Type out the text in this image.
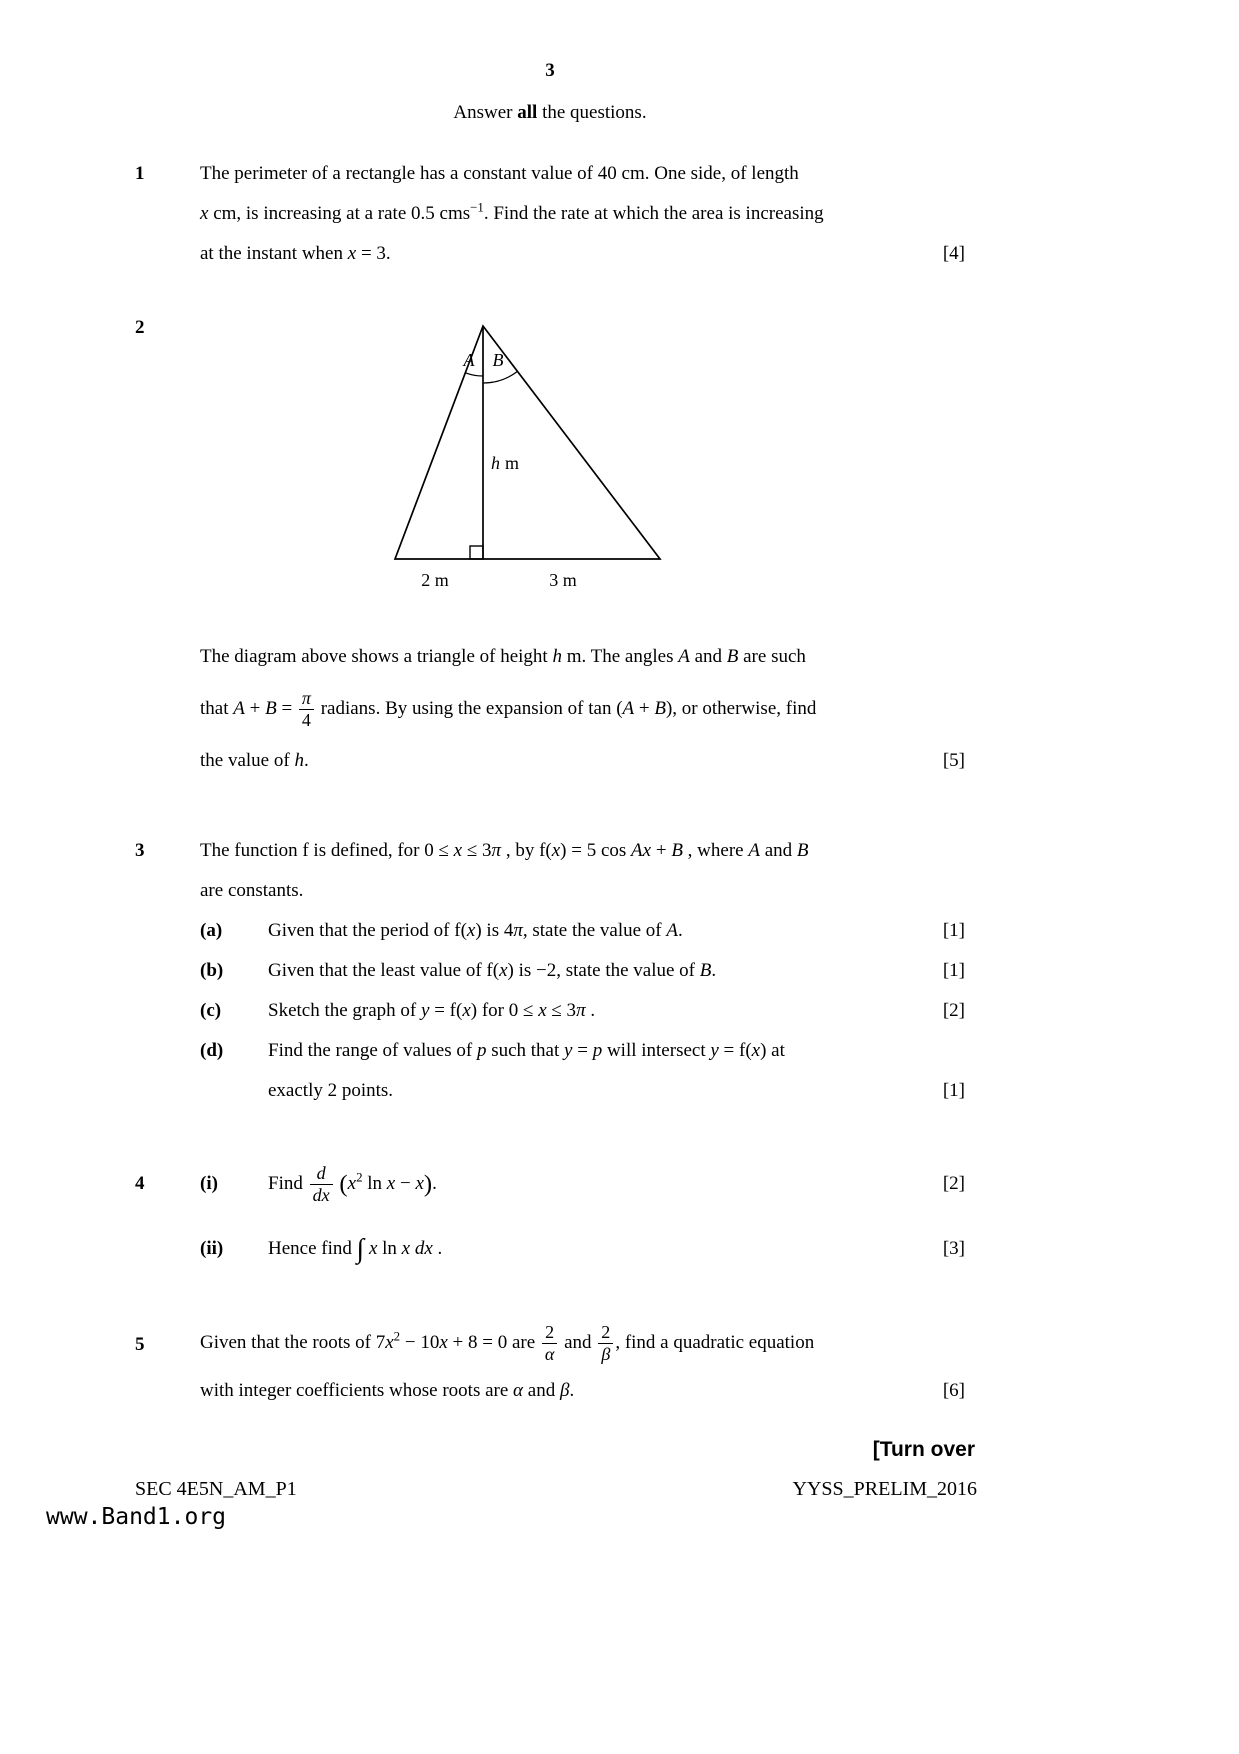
3
Answer all the questions.
1	The perimeter of a rectangle has a constant value of 40 cm. One side, of length
x cm, is increasing at a rate 0.5 cms$^{-1}$. Find the rate at which the area is increasing
at the instant when x = 3.	[4]
2
A B
h m
2 m	3 m
The diagram above shows a triangle of height h m. The angles A and B are such
that $A + B = \frac{\pi}{4}$ radians. By using the expansion of tan (A + B), or otherwise, find
the value of h.	[5]
3	The function f is defined, for 0 ≤ x ≤ 3π , by f(x) = 5 cos Ax + B , where A and B
are constants.
(a)	Given that the period of f(x) is 4π, state the value of A.	[1]
(b)	Given that the least value of f(x) is −2, state the value of B.	[1]
(c)	Sketch the graph of y = f(x) for 0 ≤ x ≤ 3π .	[2]
(d)	Find the range of values of p such that y = p will intersect y = f(x) at
exactly 2 points.	[1]
4	(i)	Find $\frac{d}{dx} (x^2$ ln x − x).	[2]
(ii)	Hence find ∫ x ln x dx .	[3]
5	Given that the roots of $7x^2 - 10x + 8 = 0$ are $\frac{2}{\alpha}$ and $\frac{2}{\beta}$ , find a quadratic equation
with integer coefficients whose roots are α and β.	[6]
[Turn over
SEC 4E5N_AM_P1	YYSS_PRELIM_2016
www.Band1.org
